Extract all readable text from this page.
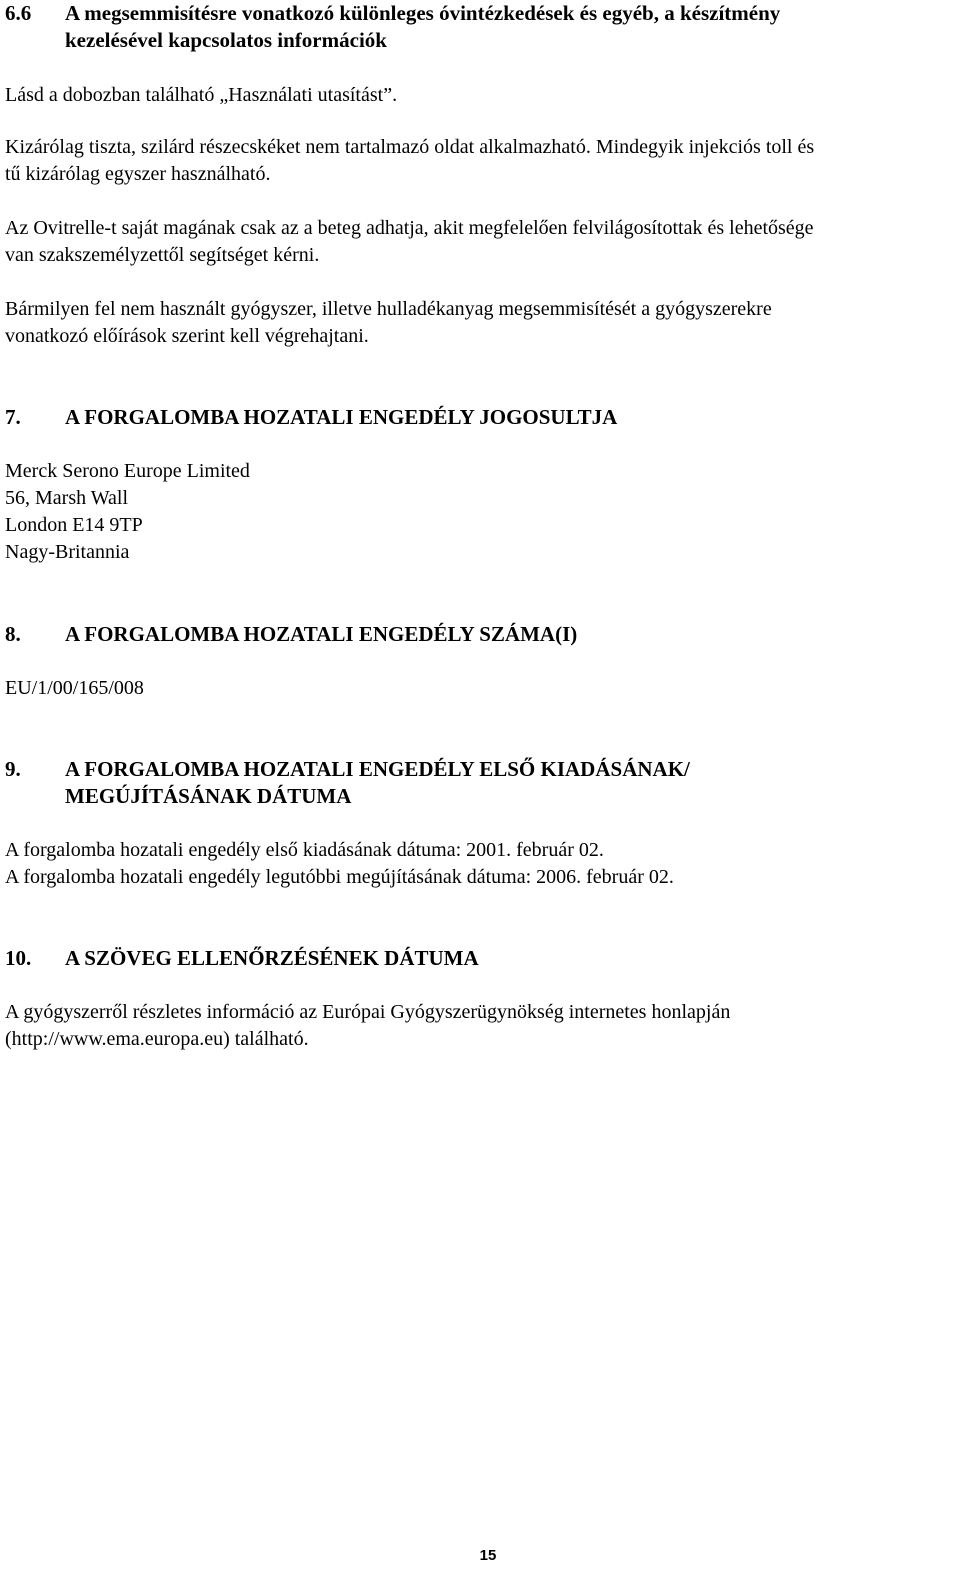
6.6	A megsemmisítésre vonatkozó különleges óvintézkedések és egyéb, a készítmény
kezelésével kapcsolatos információk

Lásd a dobozban található „Használati utasítást”.

Kizárólag tiszta, szilárd részecskéket nem tartalmazó oldat alkalmazható. Mindegyik injekciós toll és
tű kizárólag egyszer használható.

Az Ovitrelle-t saját magának csak az a beteg adhatja, akit megfelelően felvilágosítottak és lehetősége
van szakszemélyzettől segítséget kérni.

Bármilyen fel nem használt gyógyszer, illetve hulladékanyag megsemmisítését a gyógyszerekre
vonatkozó előírások szerint kell végrehajtani.

7.	A FORGALOMBA HOZATALI ENGEDÉLY JOGOSULTJA

Merck Serono Europe Limited
56, Marsh Wall
London E14 9TP
Nagy-Britannia

8.	A FORGALOMBA HOZATALI ENGEDÉLY SZÁMA(I)

EU/1/00/165/008

9.	A FORGALOMBA HOZATALI ENGEDÉLY ELSŐ KIADÁSÁNAK/
MEGÚJÍTÁSÁNAK DÁTUMA

A forgalomba hozatali engedély első kiadásának dátuma: 2001. február 02.
A forgalomba hozatali engedély legutóbbi megújításának dátuma: 2006. február 02.

10.	A SZÖVEG ELLENŐRZÉSÉNEK DÁTUMA

A gyógyszerről részletes információ az Európai Gyógyszerügynökség internetes honlapján
(http://www.ema.europa.eu) található.

15
